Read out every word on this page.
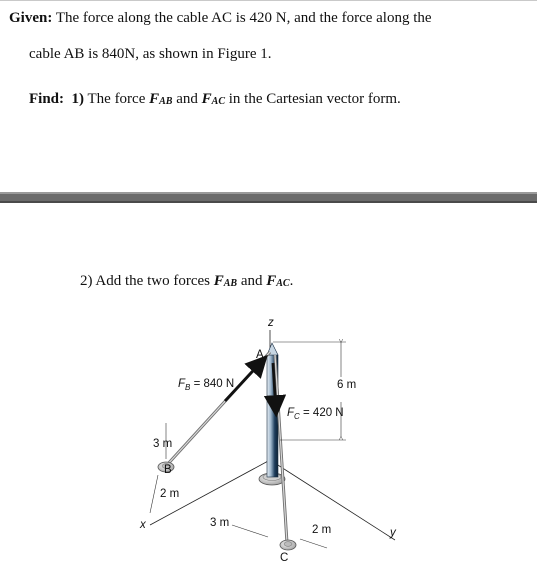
Given: The force along the cable AC is 420 N, and the force along the
cable AB is 840N, as shown in Figure 1.
Find:  1) The force FAB and FAC in the Cartesian vector form.
2) Add the two forces FAB and FAC.
z
x
y
A
B
C
$F_B = 840$ N
$F_C = 420$ N
6 m
3 m
2 m
3 m
2 m
